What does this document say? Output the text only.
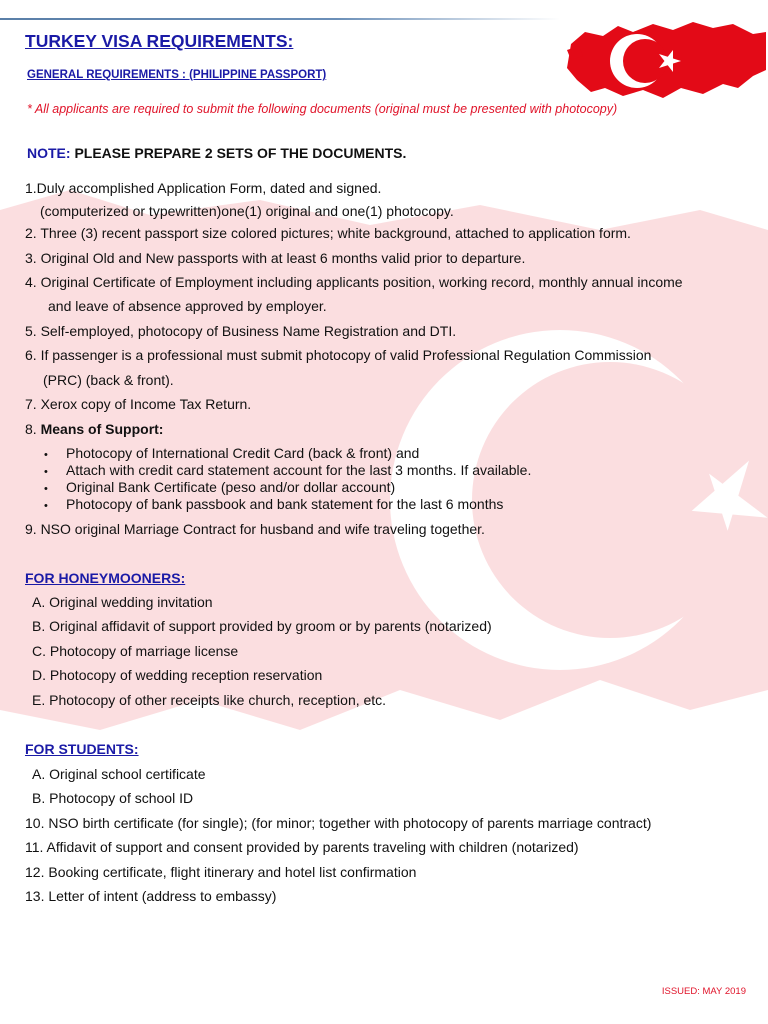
TURKEY VISA REQUIREMENTS:
GENERAL REQUIREMENTS : (PHILIPPINE PASSPORT)
* All applicants are required to submit the following documents (original must be presented with photocopy)
NOTE: PLEASE PREPARE 2 SETS OF THE DOCUMENTS.
1.Duly accomplished Application Form, dated and signed.
(computerized or typewritten)one(1) original and one(1) photocopy.
2. Three (3) recent passport size colored pictures; white background, attached to application form.
3. Original Old and New passports with at least 6 months valid prior to departure.
4. Original Certificate of Employment including applicants position, working record, monthly annual income
and leave of absence approved by employer.
5. Self-employed, photocopy of Business Name Registration and DTI.
6. If passenger is a professional must submit photocopy of valid Professional Regulation Commission
(PRC) (back & front).
7. Xerox copy of Income Tax Return.
8. Means of Support:
• Photocopy of International Credit Card (back & front) and
• Attach with credit card statement account for the last 3 months. If available.
• Original Bank Certificate (peso and/or dollar account)
• Photocopy of bank passbook and bank statement for the last 6 months
9. NSO original Marriage Contract for husband and wife traveling together.
FOR HONEYMOONERS:
A. Original wedding invitation
B. Original affidavit of support provided by groom or by parents (notarized)
C. Photocopy of marriage license
D. Photocopy of wedding reception reservation
E. Photocopy of other receipts like church, reception, etc.
FOR STUDENTS:
A. Original school certificate
B. Photocopy of school ID
10. NSO birth certificate (for single); (for minor; together with photocopy of parents marriage contract)
11. Affidavit of support and consent provided by parents traveling with children (notarized)
12. Booking certificate, flight itinerary and hotel list confirmation
13. Letter of intent (address to embassy)
ISSUED: MAY 2019
